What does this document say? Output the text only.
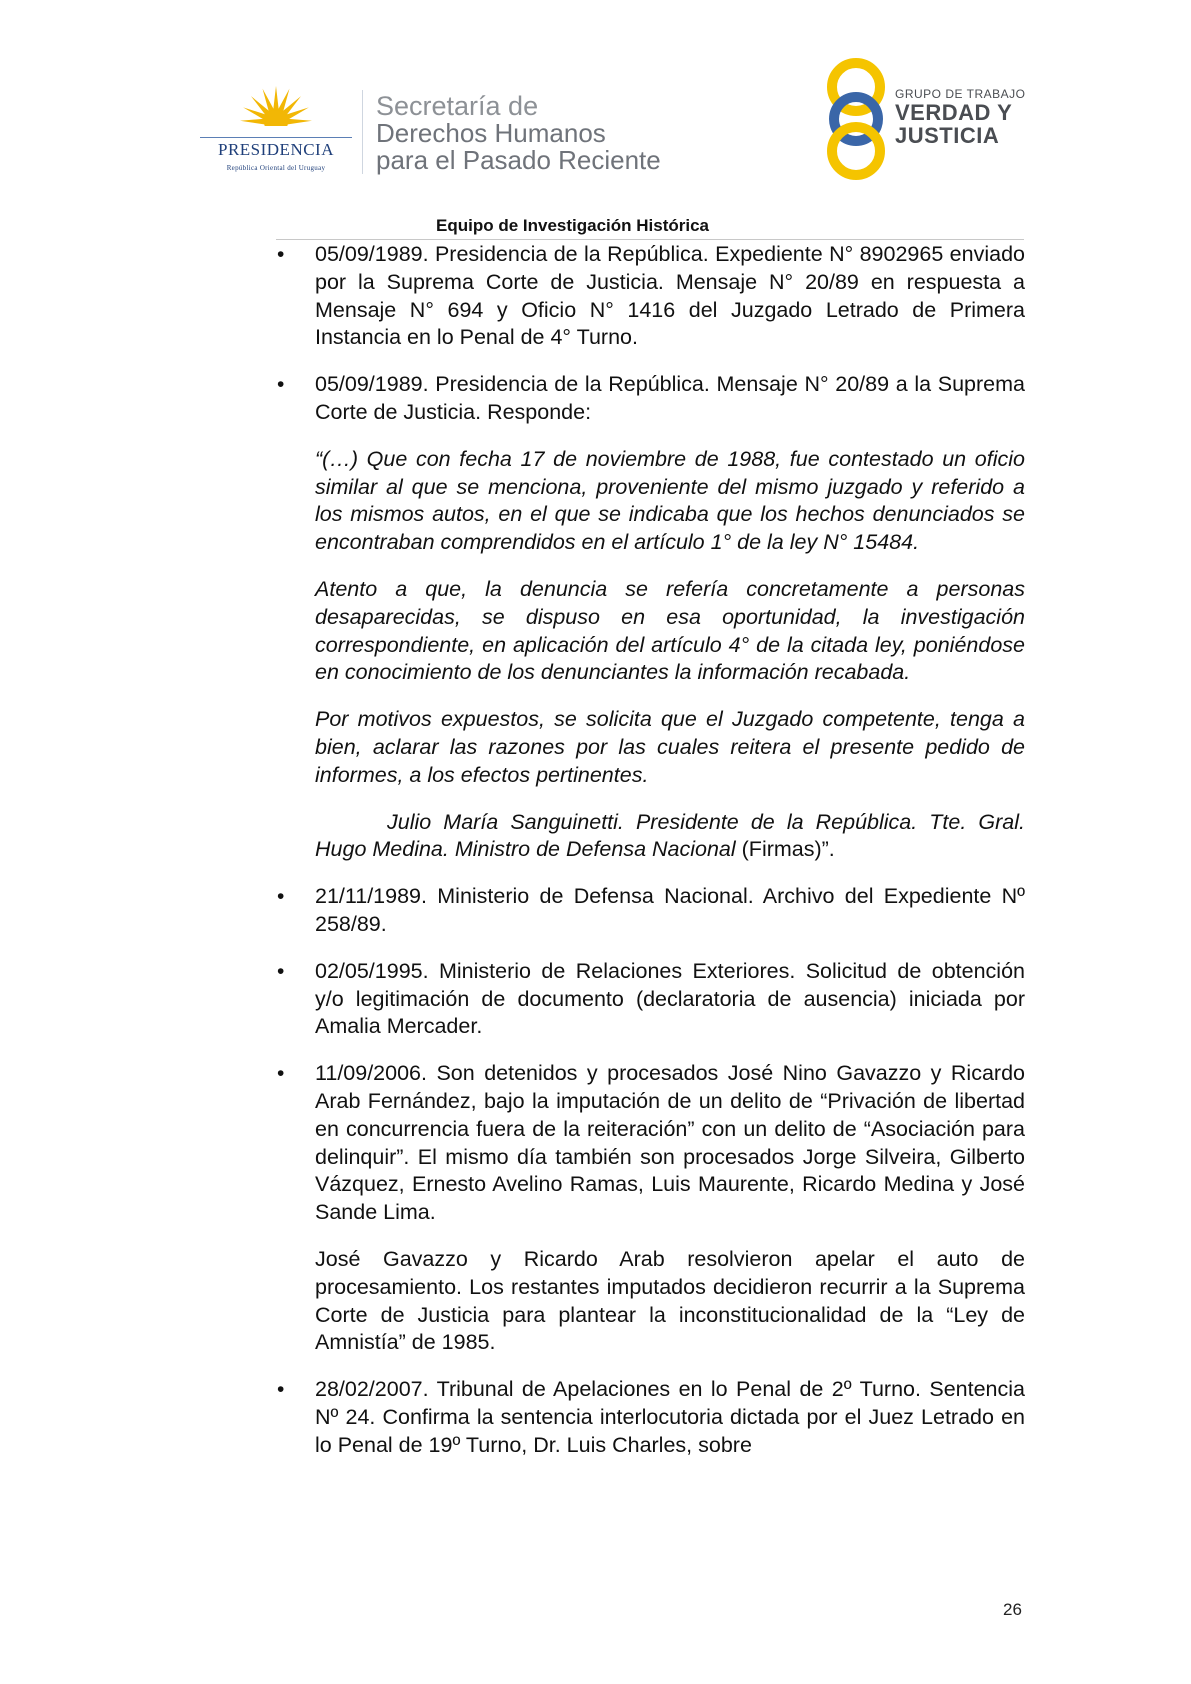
PRESIDENCIA
República Oriental del Uruguay
Secretaría de
Derechos Humanos
para el Pasado Reciente
GRUPO DE TRABAJO
VERDAD Y
JUSTICIA
Equipo de Investigación Histórica
• 05/09/1989. Presidencia de la República. Expediente N° 8902965 enviado por la Suprema Corte de Justicia. Mensaje N° 20/89 en respuesta a Mensaje N° 694 y Oficio N° 1416 del Juzgado Letrado de Primera Instancia en lo Penal de 4° Turno.

• 05/09/1989. Presidencia de la República. Mensaje N° 20/89 a la Suprema Corte de Justicia. Responde:

“(…) Que con fecha 17 de noviembre de 1988, fue contestado un oficio similar al que se menciona, proveniente del mismo juzgado y referido a los mismos autos, en el que se indicaba que los hechos denunciados se encontraban comprendidos en el artículo 1° de la ley N° 15484.

Atento a que, la denuncia se refería concretamente a personas desaparecidas, se dispuso en esa oportunidad, la investigación correspondiente, en aplicación del artículo 4° de la citada ley, poniéndose en conocimiento de los denunciantes la información recabada.

Por motivos expuestos, se solicita que el Juzgado competente, tenga a bien, aclarar las razones por las cuales reitera el presente pedido de informes, a los efectos pertinentes.

Julio María Sanguinetti. Presidente de la República. Tte. Gral. Hugo Medina. Ministro de Defensa Nacional (Firmas)”.

• 21/11/1989. Ministerio de Defensa Nacional. Archivo del Expediente Nº 258/89.

• 02/05/1995. Ministerio de Relaciones Exteriores. Solicitud de obtención y/o legitimación de documento (declaratoria de ausencia) iniciada por Amalia Mercader.

• 11/09/2006. Son detenidos y procesados José Nino Gavazzo y Ricardo Arab Fernández, bajo la imputación de un delito de “Privación de libertad en concurrencia fuera de la reiteración” con un delito de “Asociación para delinquir”. El mismo día también son procesados Jorge Silveira, Gilberto Vázquez, Ernesto Avelino Ramas, Luis Maurente, Ricardo Medina y José Sande Lima.

José Gavazzo y Ricardo Arab resolvieron apelar el auto de procesamiento. Los restantes imputados decidieron recurrir a la Suprema Corte de Justicia para plantear la inconstitucionalidad de la “Ley de Amnistía” de 1985.

• 28/02/2007. Tribunal de Apelaciones en lo Penal de 2º Turno. Sentencia Nº 24. Confirma la sentencia interlocutoria dictada por el Juez Letrado en lo Penal de 19º Turno, Dr. Luis Charles, sobre

26
